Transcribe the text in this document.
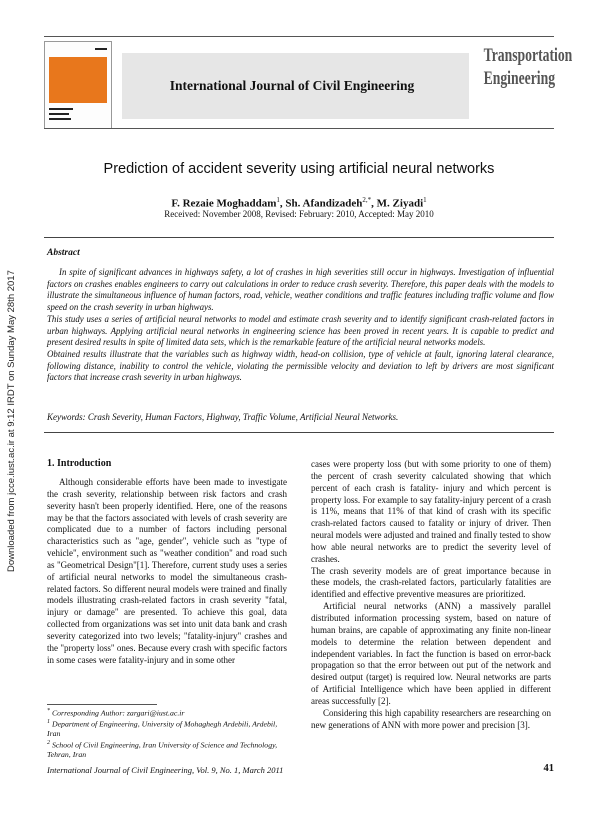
Downloaded from jcce.iust.ac.ir at 9:12 IRDT on Sunday May 28th 2017
International Journal of Civil Engineering
Transportation
Engineering
Prediction of accident severity using artificial neural networks
F. Rezaie Moghaddam$^1$, Sh. Afandizadeh$^{2,*}$, M. Ziyadi$^1$
Received: November 2008, Revised: February: 2010, Accepted: May 2010
Abstract

In spite of significant advances in highways safety, a lot of crashes in high severities still occur in highways. Investigation of influential factors on crashes enables engineers to carry out calculations in order to reduce crash severity. Therefore, this paper deals with the models to illustrate the simultaneous influence of human factors, road, vehicle, weather conditions and traffic features including traffic volume and flow speed on the crash severity in urban highways.

This study uses a series of artificial neural networks to model and estimate crash severity and to identify significant crash-related factors in urban highways. Applying artificial neural networks in engineering science has been proved in recent years. It is capable to predict and present desired results in spite of limited data sets, which is the remarkable feature of the artificial neural networks models.

Obtained results illustrate that the variables such as highway width, head-on collision, type of vehicle at fault, ignoring lateral clearance, following distance, inability to control the vehicle, violating the permissible velocity and deviation to left by drivers are most significant factors that increase crash severity in urban highways.

Keywords: Crash Severity, Human Factors, Highway, Traffic Volume, Artificial Neural Networks.
1. Introduction

Although considerable efforts have been made to investigate the crash severity, relationship between risk factors and crash severity hasn't been properly identified. Here, one of the reasons may be that the factors associated with levels of crash severity are complicated due to a number of factors including personal characteristics such as "age, gender", vehicle such as "type of vehicle", environment such as "weather condition" and road such as "Geometrical Design"[1]. Therefore, current study uses a series of artificial neural networks to model the simultaneous crash-related factors. So different neural models were trained and finally models illustrating crash-related factors in crash severity "fatal, injury or damage" are presented. To achieve this goal, data collected from organizations was set into unit data bank and crash severity categorized into two levels; "fatality-injury" crashes and the "property loss" ones. Because every crash with specific factors in some cases were fatality-injury and in some other

cases were property loss (but with some priority to one of them) the percent of crash severity calculated showing that which percent of each crash is fatality- injury and which percent is property loss. For example to say fatality-injury percent of a crash is 11%, means that 11% of that kind of crash with its specific crash-related factors caused to fatality or injury of driver. Then neural models were adjusted and trained and finally tested to show how able neural networks are to predict the severity level of crashes.

The crash severity models are of great importance because in these models, the crash-related factors, particularly fatalities are identified and effective preventive measures are prioritized.

Artificial neural networks (ANN) a massively parallel distributed information processing system, based on nature of human brains, are capable of approximating any finite non-linear models to determine the relation between dependent and independent variables. In fact the function is based on error-back propagation so that the error between out put of the network and desired output (target) is required low. Neural networks are parts of Artificial Intelligence which have been applied in different areas successfully [2].

Considering this high capability researchers are researching on new generations of ANN with more power and precision [3].

* Corresponding Author: zargari@iust.ac.ir

$^1$ Department of Engineering, University of Mohaghegh Ardebili, Ardebil, Iran

$^2$ School of Civil Engineering, Iran University of Science and Technology, Tehran, Iran

International Journal of Civil Engineering, Vol. 9, No. 1, March 2011	41
